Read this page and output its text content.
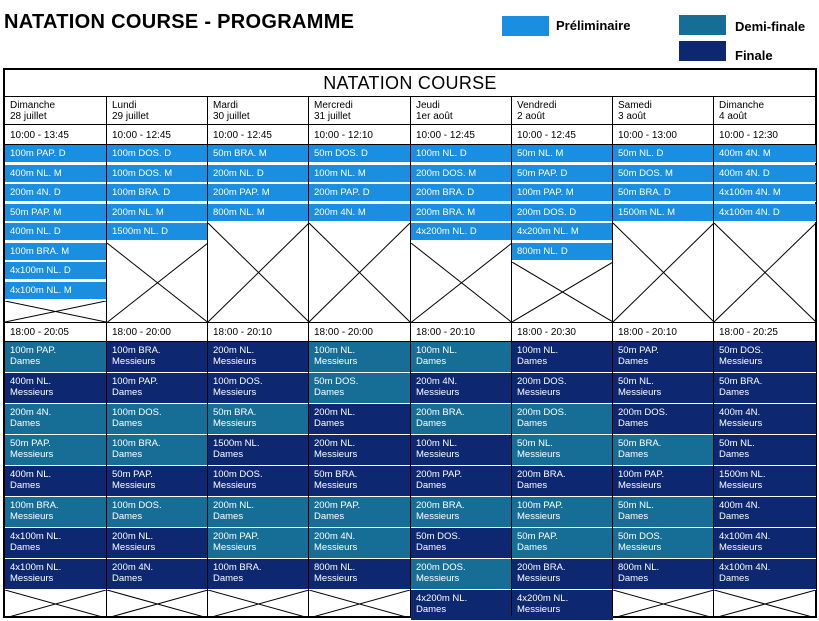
NATATION COURSE - PROGRAMME	Préliminaire	Demi-finale
Finale
NATATION COURSE
Dimanche
28 juillet
10:00 - 13:45
100m PAP. D
400m NL. M
200m 4N. D
50m PAP. M
400m NL. D
100m BRA. M
4x100m NL. D
4x100m NL. M
18:00 - 20:05
100m PAP.
Dames
400m NL.
Messieurs
200m 4N.
Dames
50m PAP.
Messieurs
400m NL.
Dames
100m BRA.
Messieurs
4x100m NL.
Dames
4x100m NL.
Messieurs
Lundi
29 juillet
10:00 - 12:45
100m DOS. D
100m DOS. M
100m BRA. D
200m NL. M
1500m NL. D
18:00 - 20:00
100m BRA.
Messieurs
100m PAP.
Dames
100m DOS.
Dames
100m BRA.
Dames
50m PAP.
Messieurs
100m DOS.
Dames
200m NL.
Messieurs
200m 4N.
Dames
Mardi
30 juillet
10:00 - 12:45
50m BRA. M
200m NL. D
200m PAP. M
800m NL. M
18:00 - 20:10
200m NL.
Messieurs
100m DOS.
Messieurs
50m BRA.
Messieurs
1500m NL.
Dames
100m DOS.
Messieurs
200m NL.
Dames
200m PAP.
Messieurs
100m BRA.
Dames
Mercredi
31 juillet
10:00 - 12:10
50m DOS. D
100m NL. M
200m PAP. D
200m 4N. M
18:00 - 20:00
100m NL.
Messieurs
50m DOS.
Dames
200m NL.
Dames
200m NL.
Messieurs
50m BRA.
Messieurs
200m PAP.
Dames
200m 4N.
Messieurs
800m NL.
Messieurs
Jeudi
1er août
10:00 - 12:45
100m NL. D
200m DOS. M
200m BRA. D
200m BRA. M
4x200m NL. D
18:00 - 20:10
100m NL.
Dames
200m 4N.
Messieurs
200m BRA.
Dames
100m NL.
Messieurs
200m PAP.
Dames
200m BRA.
Messieurs
50m DOS.
Dames
200m DOS.
Messieurs
4x200m NL.
Dames
Vendredi
2 août
10:00 - 12:45
50m NL. M
50m PAP. D
100m PAP. M
200m DOS. D
4x200m NL. M
800m NL. D
18:00 - 20:30
100m NL.
Dames
200m DOS.
Messieurs
200m DOS.
Dames
50m NL.
Messieurs
200m BRA.
Dames
100m PAP.
Messieurs
50m PAP.
Dames
200m BRA.
Messieurs
4x200m NL.
Messieurs
Samedi
3 août
10:00 - 13:00
50m NL. D
50m DOS. M
50m BRA. D
1500m NL. M
18:00 - 20:10
50m PAP.
Dames
50m NL.
Messieurs
200m DOS.
Dames
50m BRA.
Dames
100m PAP.
Messieurs
50m NL.
Dames
50m DOS.
Messieurs
800m NL.
Dames
Dimanche
4 août
10:00 - 12:30
400m 4N. M
400m 4N. D
4x100m 4N. M
4x100m 4N. D
18:00 - 20:25
50m DOS.
Messieurs
50m BRA.
Dames
400m 4N.
Messieurs
50m NL.
Dames
1500m NL.
Messieurs
400m 4N.
Dames
4x100m 4N.
Messieurs
4x100m 4N.
Dames
